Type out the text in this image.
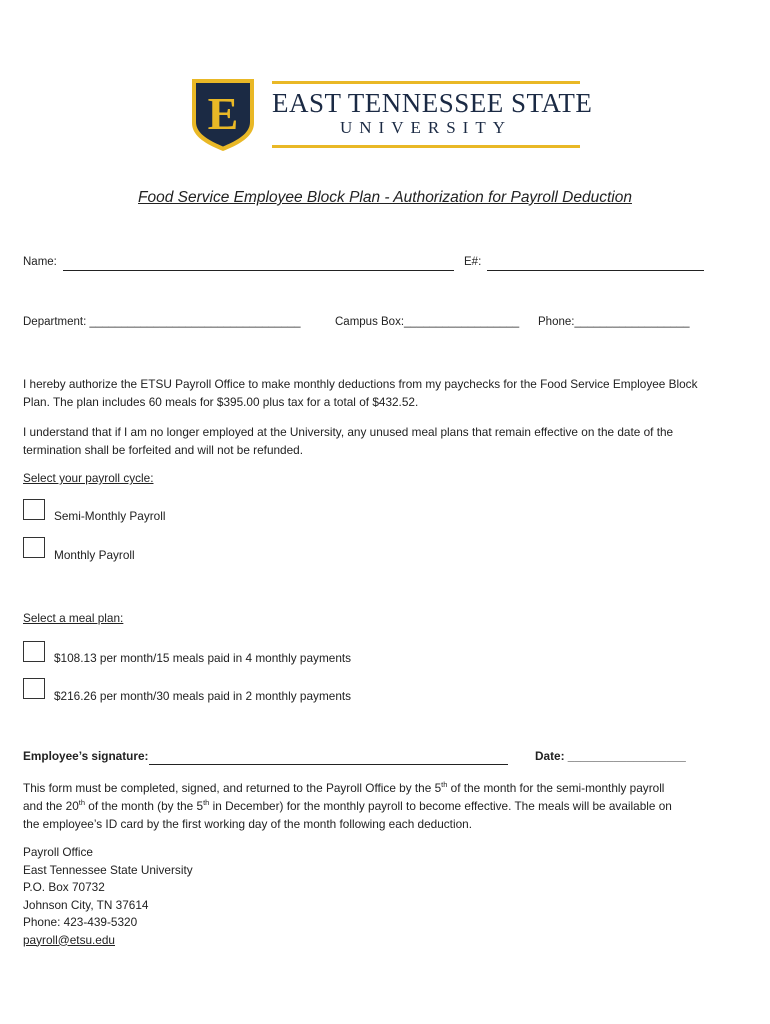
E EAST TENNESSEE STATE
UNIVERSITY
Food Service Employee Block Plan - Authorization for Payroll Deduction
Name:	E#:
Department: _________________________________	Campus Box:__________________ Phone:__________________
I hereby authorize the ETSU Payroll Office to make monthly deductions from my paychecks for the Food Service Employee Block
Plan. The plan includes 60 meals for $395.00 plus tax for a total of $432.52.
I understand that if I am no longer employed at the University, any unused meal plans that remain effective on the date of the
termination shall be forfeited and will not be refunded.
Select your payroll cycle:
Semi-Monthly Payroll
Monthly Payroll
Select a meal plan:
$108.13 per month/15 meals paid in 4 monthly payments
$216.26 per month/30 meals paid in 2 monthly payments
Employee’s signature:	Date: __________________
This form must be completed, signed, and returned to the Payroll Office by the 5th of the month for the semi-monthly payroll
and the 20th of the month (by the 5th in December) for the monthly payroll to become effective. The meals will be available on
the employee’s ID card by the first working day of the month following each deduction.
Payroll Office
East Tennessee State University
P.O. Box 70732
Johnson City, TN 37614
Phone: 423-439-5320
payroll@etsu.edu
